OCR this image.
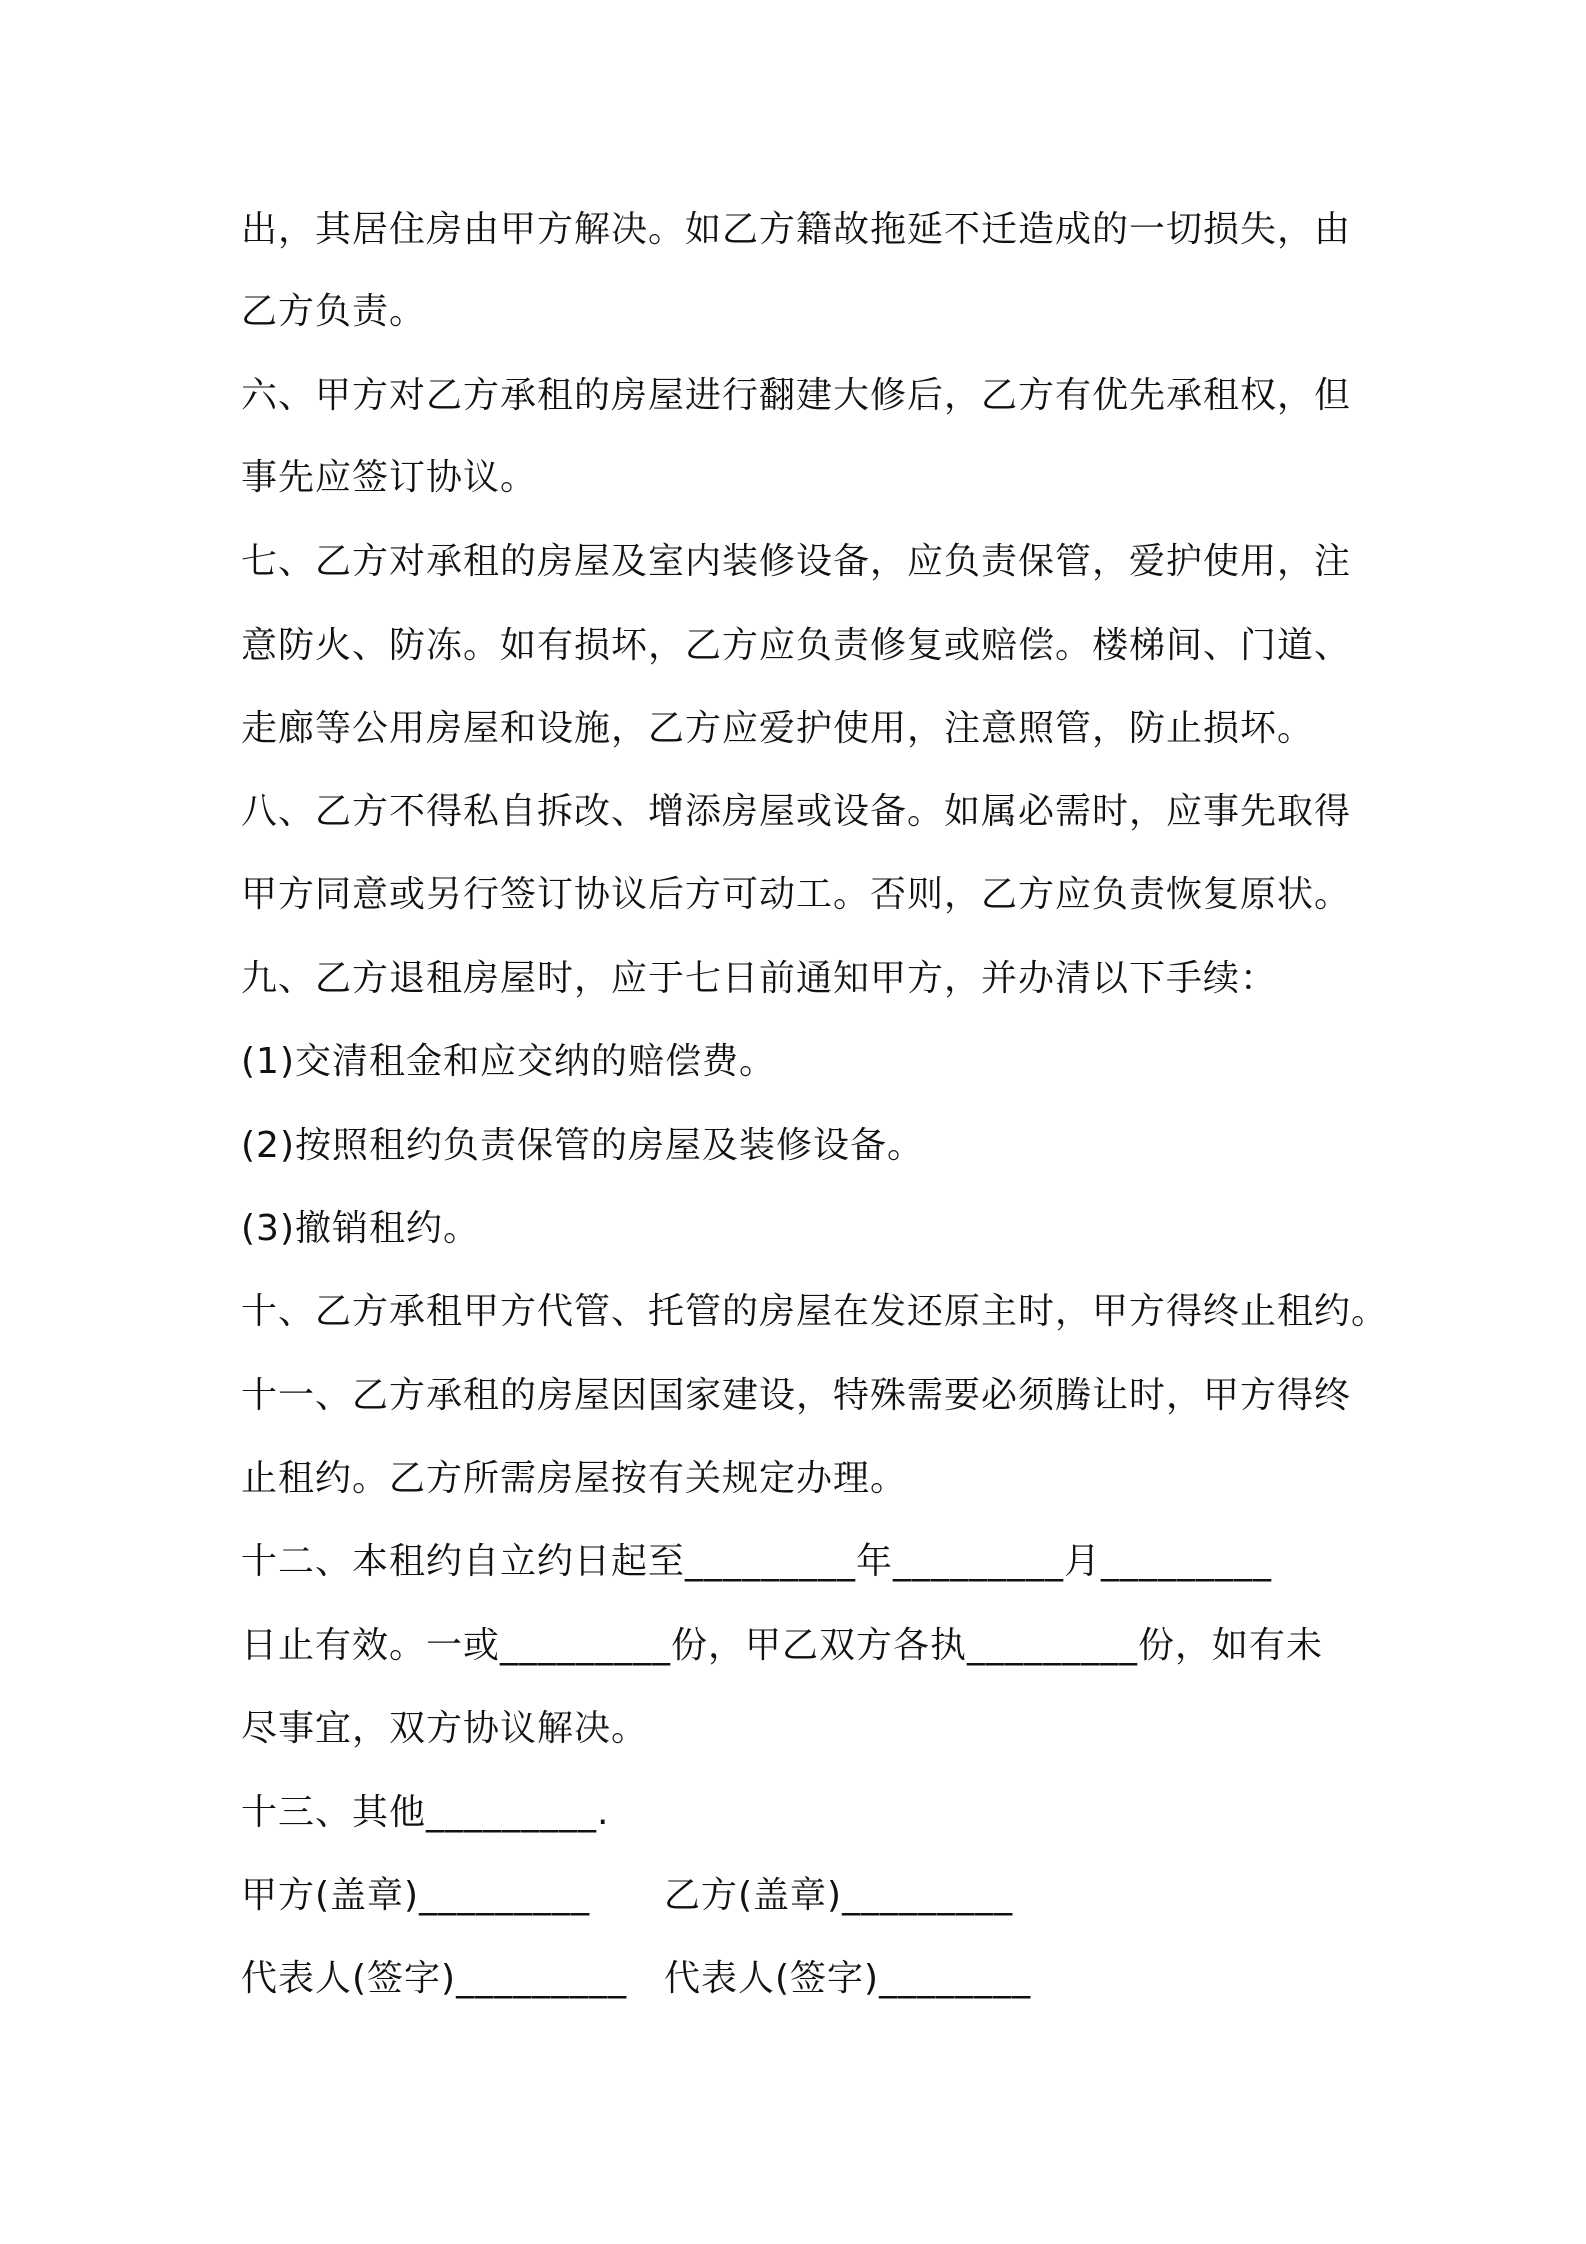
出，其居住房由甲方解决。如乙方籍故拖延不迁造成的一切损失，由
乙方负责。
六、甲方对乙方承租的房屋进行翻建大修后，乙方有优先承租权，但
事先应签订协议。
七、乙方对承租的房屋及室内装修设备，应负责保管，爱护使用，注
意防火、防冻。如有损坏，乙方应负责修复或赔偿。楼梯间、门道、
走廊等公用房屋和设施，乙方应爱护使用，注意照管，防止损坏。
八、乙方不得私自拆改、增添房屋或设备。如属必需时，应事先取得
甲方同意或另行签订协议后方可动工。否则，乙方应负责恢复原状。
九、乙方退租房屋时，应于七日前通知甲方，并办清以下手续：
(1)交清租金和应交纳的赔偿费。
(2)按照租约负责保管的房屋及装修设备。
(3)撤销租约。
十、乙方承租甲方代管、托管的房屋在发还原主时，甲方得终止租约。
十一、乙方承租的房屋因国家建设，特殊需要必须腾让时，甲方得终
止租约。乙方所需房屋按有关规定办理。
十二、本租约自立约日起至_________年_________月_________
日止有效。一或_________份，甲乙双方各执_________份，如有未
尽事宜，双方协议解决。
十三、其他_________.
甲方(盖章)_________ 乙方(盖章)_________
代表人(签字)_________ 代表人(签字)________
